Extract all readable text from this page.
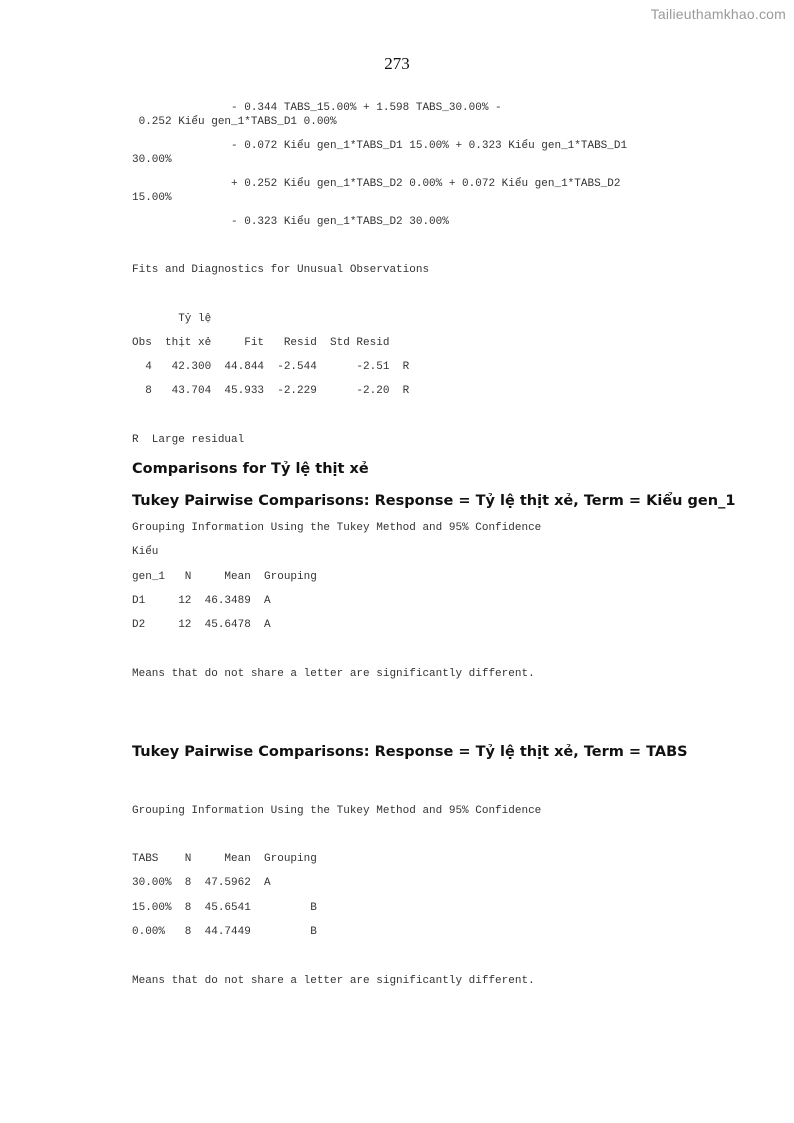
Tailieuthamkhao.com
273
- 0.344 TABS_15.00% + 1.598 TABS_30.00% -
0.252 Kiểu gen_1*TABS_D1 0.00%
- 0.072 Kiểu gen_1*TABS_D1 15.00% + 0.323 Kiểu gen_1*TABS_D1
30.00%
+ 0.252 Kiểu gen_1*TABS_D2 0.00% + 0.072 Kiểu gen_1*TABS_D2
15.00%
- 0.323 Kiểu gen_1*TABS_D2 30.00%
Fits and Diagnostics for Unusual Observations
Tỷ lệ
Obs  thịt xẻ     Fit   Resid  Std Resid
4   42.300  44.844  -2.544      -2.51  R
8   43.704  45.933  -2.229      -2.20  R
R  Large residual
Comparisons for Tỷ lệ thịt xẻ
Tukey Pairwise Comparisons: Response = Tỷ lệ thịt xẻ, Term = Kiểu gen_1
Grouping Information Using the Tukey Method and 95% Confidence
Kiểu
gen_1   N     Mean  Grouping
D1     12  46.3489  A
D2     12  45.6478  A
Means that do not share a letter are significantly different.
Tukey Pairwise Comparisons: Response = Tỷ lệ thịt xẻ, Term = TABS
Grouping Information Using the Tukey Method and 95% Confidence
TABS    N     Mean  Grouping
30.00%  8  47.5962  A
15.00%  8  45.6541         B
0.00%   8  44.7449         B
Means that do not share a letter are significantly different.
